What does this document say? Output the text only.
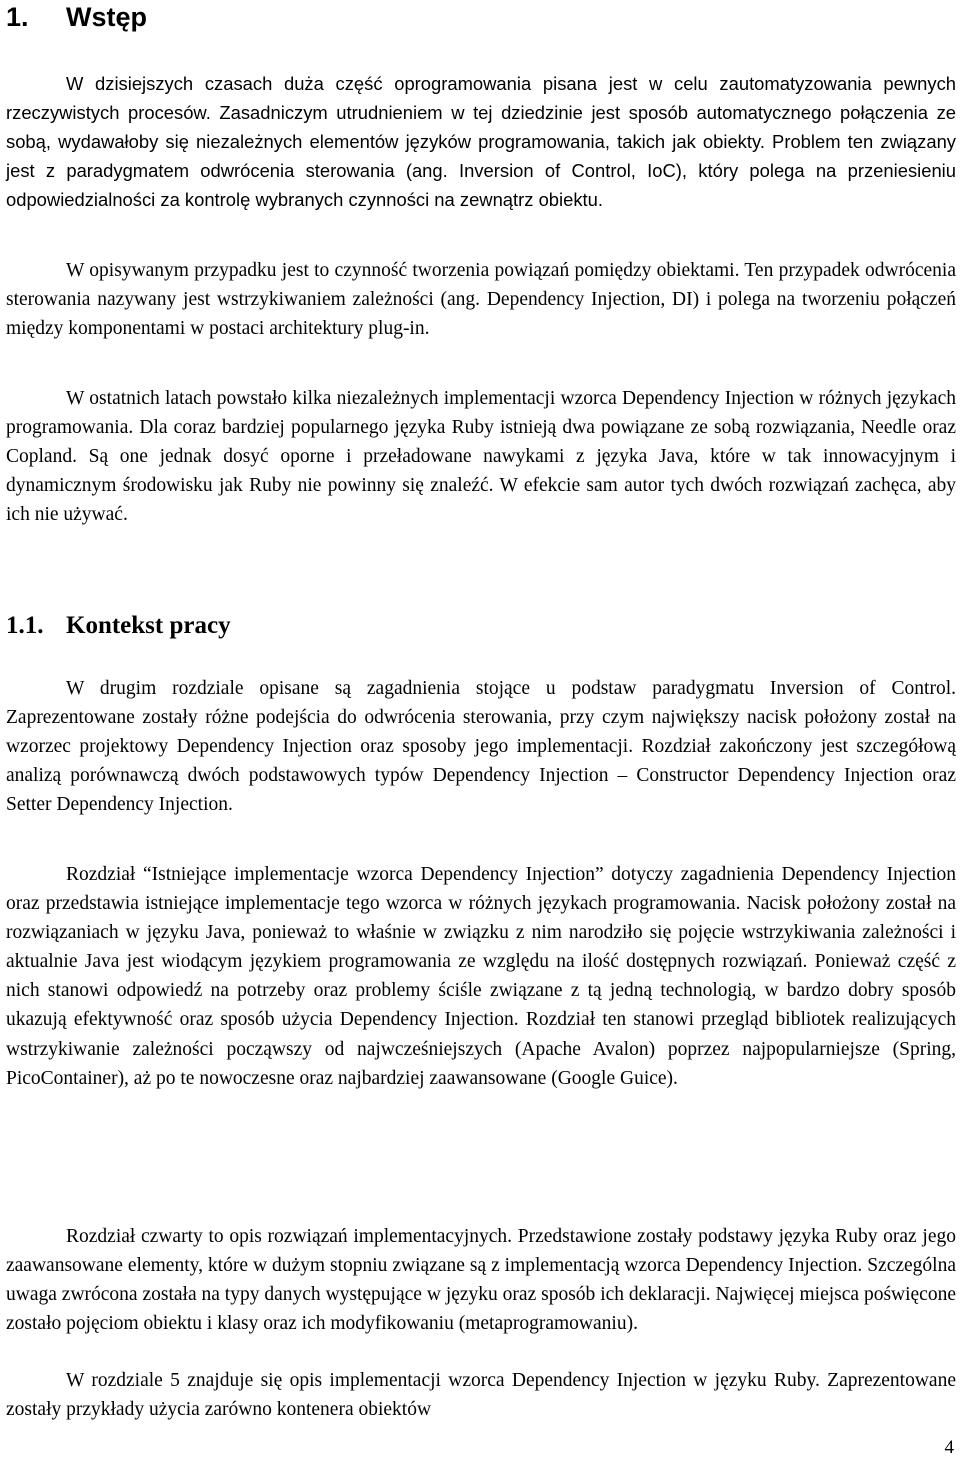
1. Wstęp

W dzisiejszych czasach duża część oprogramowania pisana jest w celu zautomatyzowania pewnych rzeczywistych procesów. Zasadniczym utrudnieniem w tej dziedzinie jest sposób automatycznego połączenia ze sobą, wydawałoby się niezależnych elementów języków programowania, takich jak obiekty. Problem ten związany jest z paradygmatem odwrócenia sterowania (ang. Inversion of Control, IoC), który polega na przeniesieniu odpowiedzialności za kontrolę wybranych czynności na zewnątrz obiektu.

W opisywanym przypadku jest to czynność tworzenia powiązań pomiędzy obiektami. Ten przypadek odwrócenia sterowania nazywany jest wstrzykiwaniem zależności (ang. Dependency Injection, DI) i polega na tworzeniu połączeń między komponentami w postaci architektury plug-in.

W ostatnich latach powstało kilka niezależnych implementacji wzorca Dependency Injection w różnych językach programowania. Dla coraz bardziej popularnego języka Ruby istnieją dwa powiązane ze sobą rozwiązania, Needle oraz Copland. Są one jednak dosyć oporne i przeładowane nawykami z języka Java, które w tak innowacyjnym i dynamicznym środowisku jak Ruby nie powinny się znaleźć. W efekcie sam autor tych dwóch rozwiązań zachęca, aby ich nie używać.

1.1. Kontekst pracy

W drugim rozdziale opisane są zagadnienia stojące u podstaw paradygmatu Inversion of Control. Zaprezentowane zostały różne podejścia do odwrócenia sterowania, przy czym największy nacisk położony został na wzorzec projektowy Dependency Injection oraz sposoby jego implementacji. Rozdział zakończony jest szczegółową analizą porównawczą dwóch podstawowych typów Dependency Injection – Constructor Dependency Injection oraz Setter Dependency Injection.

Rozdział “Istniejące implementacje wzorca Dependency Injection” dotyczy zagadnienia Dependency Injection oraz przedstawia istniejące implementacje tego wzorca w różnych językach programowania. Nacisk położony został na rozwiązaniach w języku Java, ponieważ to właśnie w związku z nim narodziło się pojęcie wstrzykiwania zależności i aktualnie Java jest wiodącym językiem programowania ze względu na ilość dostępnych rozwiązań. Ponieważ część z nich stanowi odpowiedź na potrzeby oraz problemy ściśle związane z tą jedną technologią, w bardzo dobry sposób ukazują efektywność oraz sposób użycia Dependency Injection. Rozdział ten stanowi przegląd bibliotek realizujących wstrzykiwanie zależności począwszy od najwcześniejszych (Apache Avalon) poprzez najpopularniejsze (Spring, PicoContainer), aż po te nowoczesne oraz najbardziej zaawansowane (Google Guice).

Rozdział czwarty to opis rozwiązań implementacyjnych. Przedstawione zostały podstawy języka Ruby oraz jego zaawansowane elementy, które w dużym stopniu związane są z implementacją wzorca Dependency Injection. Szczególna uwaga zwrócona została na typy danych występujące w języku oraz sposób ich deklaracji. Najwięcej miejsca poświęcone zostało pojęciom obiektu i klasy oraz ich modyfikowaniu (metaprogramowaniu).

W rozdziale 5 znajduje się opis implementacji wzorca Dependency Injection w języku Ruby. Zaprezentowane zostały przykłady użycia zarówno kontenera obiektów

4
